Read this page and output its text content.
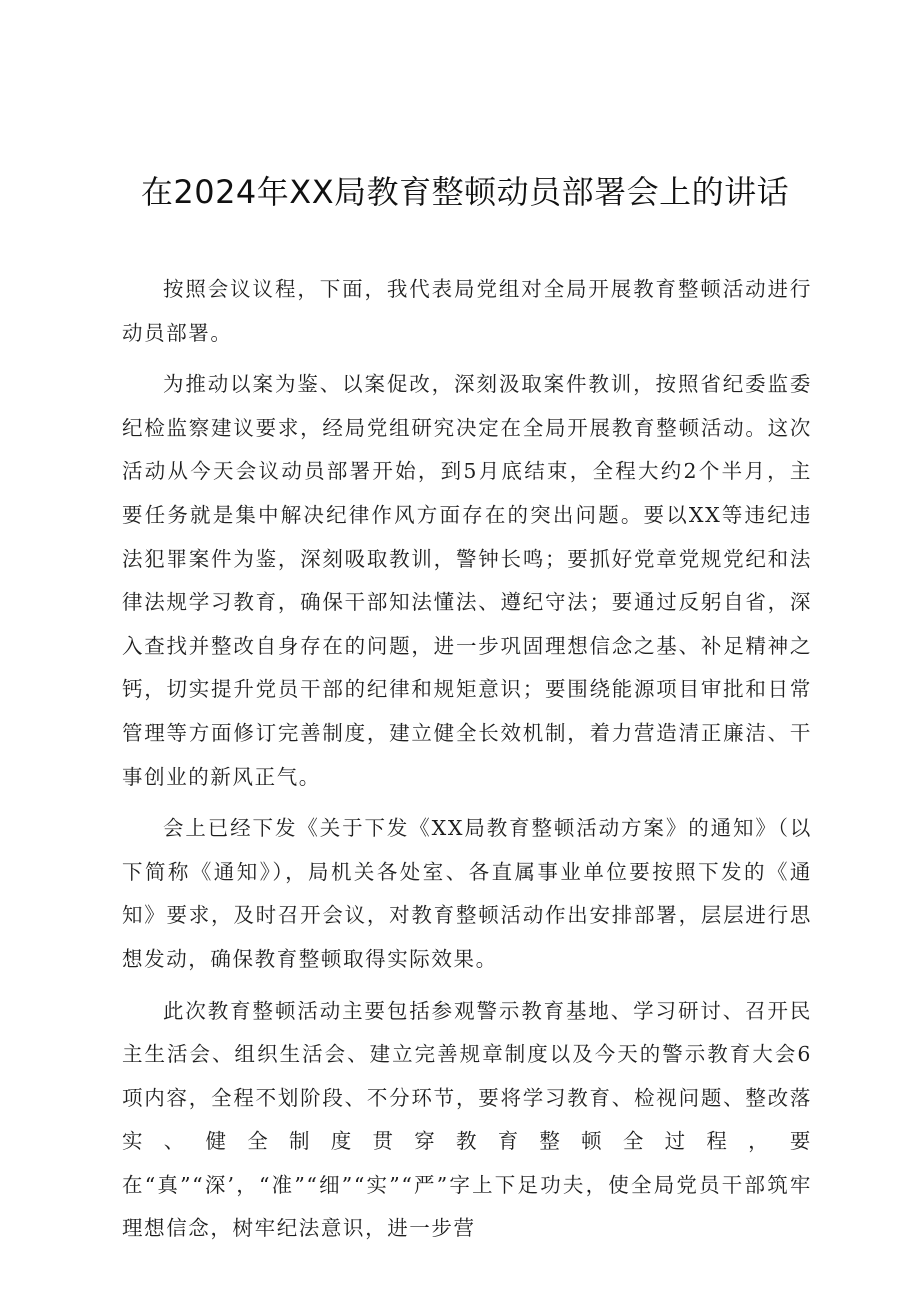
在2024年XX局教育整顿动员部署会上的讲话

按照会议议程，下面，我代表局党组对全局开展教育整顿活动进行动员部署。

为推动以案为鉴、以案促改，深刻汲取案件教训，按照省纪委监委纪检监察建议要求，经局党组研究决定在全局开展教育整顿活动。这次活动从今天会议动员部署开始，到5月底结束，全程大约2个半月，主要任务就是集中解决纪律作风方面存在的突出问题。要以XX等违纪违法犯罪案件为鉴，深刻吸取教训，警钟长鸣；要抓好党章党规党纪和法律法规学习教育，确保干部知法懂法、遵纪守法；要通过反躬自省，深入查找并整改自身存在的问题，进一步巩固理想信念之基、补足精神之钙，切实提升党员干部的纪律和规矩意识；要围绕能源项目审批和日常管理等方面修订完善制度，建立健全长效机制，着力营造清正廉洁、干事创业的新风正气。

会上已经下发《关于下发《XX局教育整顿活动方案》的通知》（以下简称《通知》），局机关各处室、各直属事业单位要按照下发的《通知》要求，及时召开会议，对教育整顿活动作出安排部署，层层进行思想发动，确保教育整顿取得实际效果。

此次教育整顿活动主要包括参观警示教育基地、学习研讨、召开民主生活会、组织生活会、建立完善规章制度以及今天的警示教育大会6项内容，全程不划阶段、不分环节，要将学习教育、检视问题、整改落实、健全制度贯穿教育整顿全过程，要在“真”“深’，“准”“细”“实”“严”字上下足功夫，使全局党员干部筑牢理想信念，树牢纪法意识，进一步营
